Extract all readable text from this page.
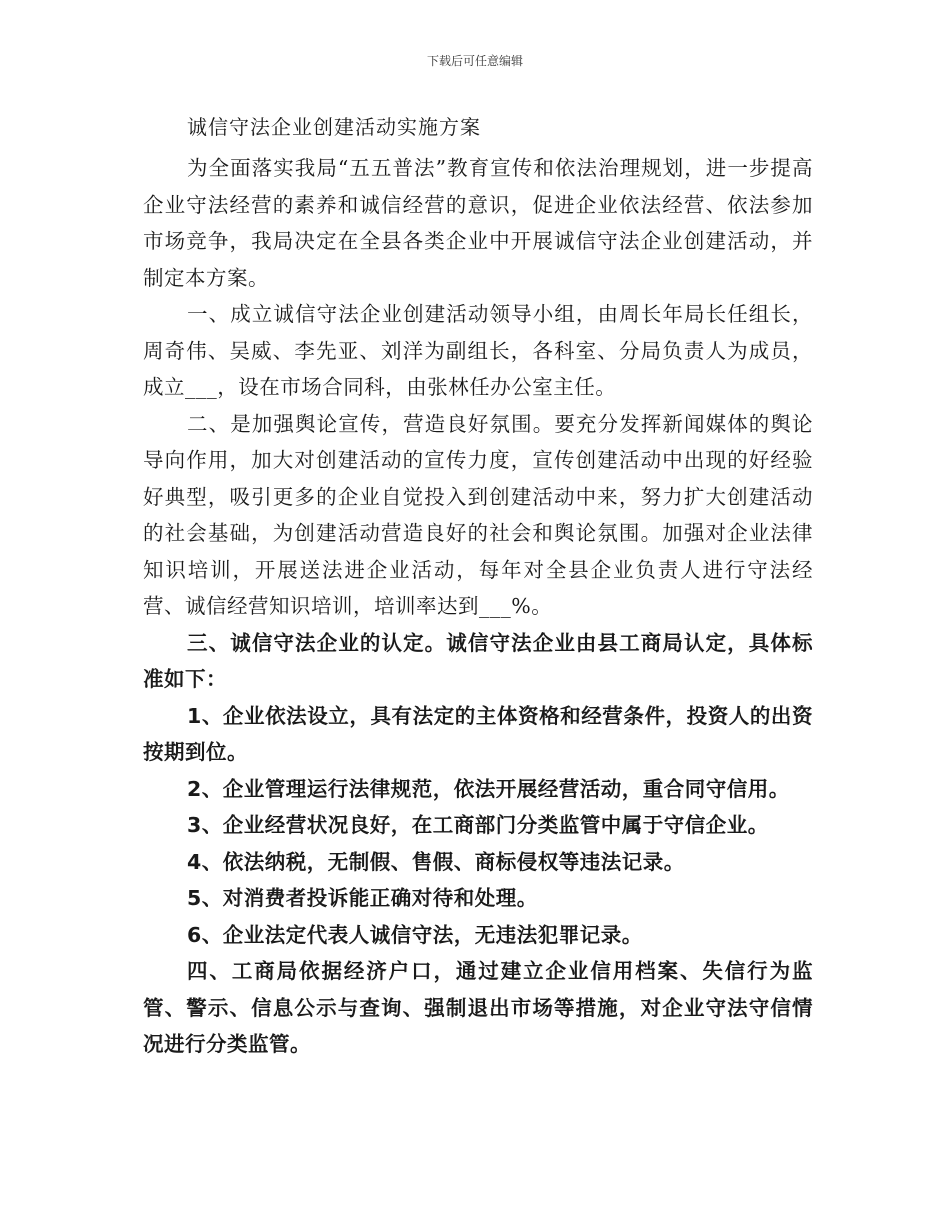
下载后可任意编辑
诚信守法企业创建活动实施方案

为全面落实我局“五五普法”教育宣传和依法治理规划，进一步提高企业守法经营的素养和诚信经营的意识，促进企业依法经营、依法参加市场竞争，我局决定在全县各类企业中开展诚信守法企业创建活动，并制定本方案。

一、成立诚信守法企业创建活动领导小组，由周长年局长任组长，周奇伟、吴威、李先亚、刘洋为副组长，各科室、分局负责人为成员，成立___，设在市场合同科，由张林任办公室主任。

二、是加强舆论宣传，营造良好氛围。要充分发挥新闻媒体的舆论导向作用，加大对创建活动的宣传力度，宣传创建活动中出现的好经验好典型，吸引更多的企业自觉投入到创建活动中来，努力扩大创建活动的社会基础，为创建活动营造良好的社会和舆论氛围。加强对企业法律知识培训，开展送法进企业活动，每年对全县企业负责人进行守法经营、诚信经营知识培训，培训率达到___%。

三、诚信守法企业的认定。诚信守法企业由县工商局认定，具体标准如下：

1、企业依法设立，具有法定的主体资格和经营条件，投资人的出资按期到位。

2、企业管理运行法律规范，依法开展经营活动，重合同守信用。

3、企业经营状况良好，在工商部门分类监管中属于守信企业。

4、依法纳税，无制假、售假、商标侵权等违法记录。

5、对消费者投诉能正确对待和处理。

6、企业法定代表人诚信守法，无违法犯罪记录。

四、工商局依据经济户口，通过建立企业信用档案、失信行为监管、警示、信息公示与查询、强制退出市场等措施，对企业守法守信情况进行分类监管。
